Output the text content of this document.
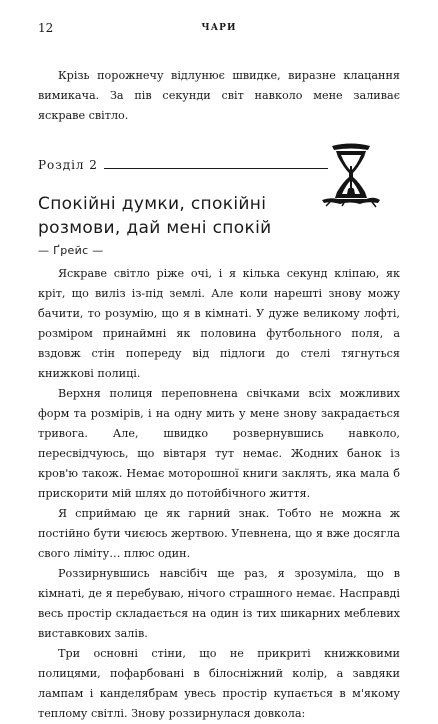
12	ЧАРИ

Крізь порожнечу відлунює швидке, виразне клацання вимикача. За пів секунди світ навколо мене заливає яскраве світло.

Розділ 2
Спокійні думки, спокійні розмови, дай мені спокій
— Ґрейс —

Яскраве світло ріже очі, і я кілька секунд кліпаю, як кріт, що виліз із-під землі. Але коли нарешті знову можу бачити, то розумію, що я в кімнаті. У дуже великому лофті, розміром принаймні як половина футбольного поля, а вздовж стін попереду від підлоги до стелі тягнуться книжкові полиці.

Верхня полиця переповнена свічками всіх можливих форм та розмірів, і на одну мить у мене знову закрадається тривога. Але, швидко розвернувшись навколо, пересвідчуюсь, що вівтаря тут немає. Жодних банок із кров'ю також. Немає моторошної книги заклять, яка мала б прискорити мій шлях до потойбічного життя.

Я сприймаю це як гарний знак. Тобто не можна ж постійно бути чиєюсь жертвою. Упевнена, що я вже досягла свого ліміту… плюс один.

Роззирнувшись навсібіч ще раз, я зрозуміла, що в кімнаті, де я перебуваю, нічого страшного немає. Насправді весь простір складається на один із тих шикарних меблевих виставкових залів.

Три основні стіни, що не прикриті книжковими полицями, пофарбовані в білосніжний колір, а завдяки лампам і канделябрам увесь простір купається в м'якому теплому світлі. Знову роззирнулася довкола:
